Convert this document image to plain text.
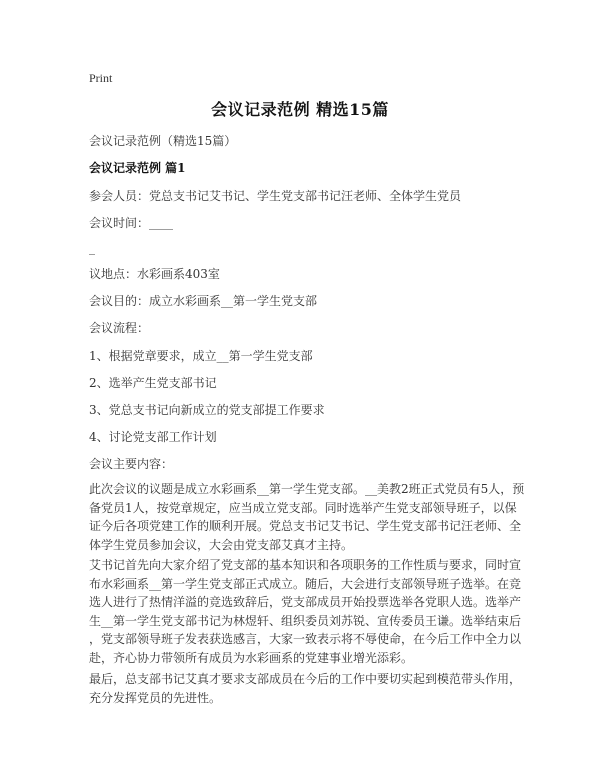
Print
会议记录范例 精选15篇
会议记录范例（精选15篇）
会议记录范例 篇1
参会人员：党总支书记艾书记、学生党支部书记汪老师、全体学生党员
会议时间：____
_
议地点：水彩画系403室
会议目的：成立水彩画系__第一学生党支部
会议流程：
1、根据党章要求，成立__第一学生党支部
2、选举产生党支部书记
3、党总支书记向新成立的党支部提工作要求
4、讨论党支部工作计划
会议主要内容：
此次会议的议题是成立水彩画系__第一学生党支部。__美教2班正式党员有5人，预
备党员1人，按党章规定，应当成立党支部。同时选举产生党支部领导班子，以保
证今后各项党建工作的顺利开展。党总支书记艾书记、学生党支部书记汪老师、全
体学生党员参加会议，大会由党支部艾真才主持。
艾书记首先向大家介绍了党支部的基本知识和各项职务的工作性质与要求，同时宣
布水彩画系__第一学生党支部正式成立。随后，大会进行支部领导班子选举。在竞
选人进行了热情洋溢的竞选致辞后，党支部成员开始投票选举各党职人选。选举产
生__第一学生党支部书记为林煜轩、组织委员刘苏锐、宣传委员王谦。选举结束后
，党支部领导班子发表获选感言，大家一致表示将不辱使命，在今后工作中全力以
赴，齐心协力带领所有成员为水彩画系的党建事业增光添彩。
最后，总支部书记艾真才要求支部成员在今后的工作中要切实起到模范带头作用，
充分发挥党员的先进性。
